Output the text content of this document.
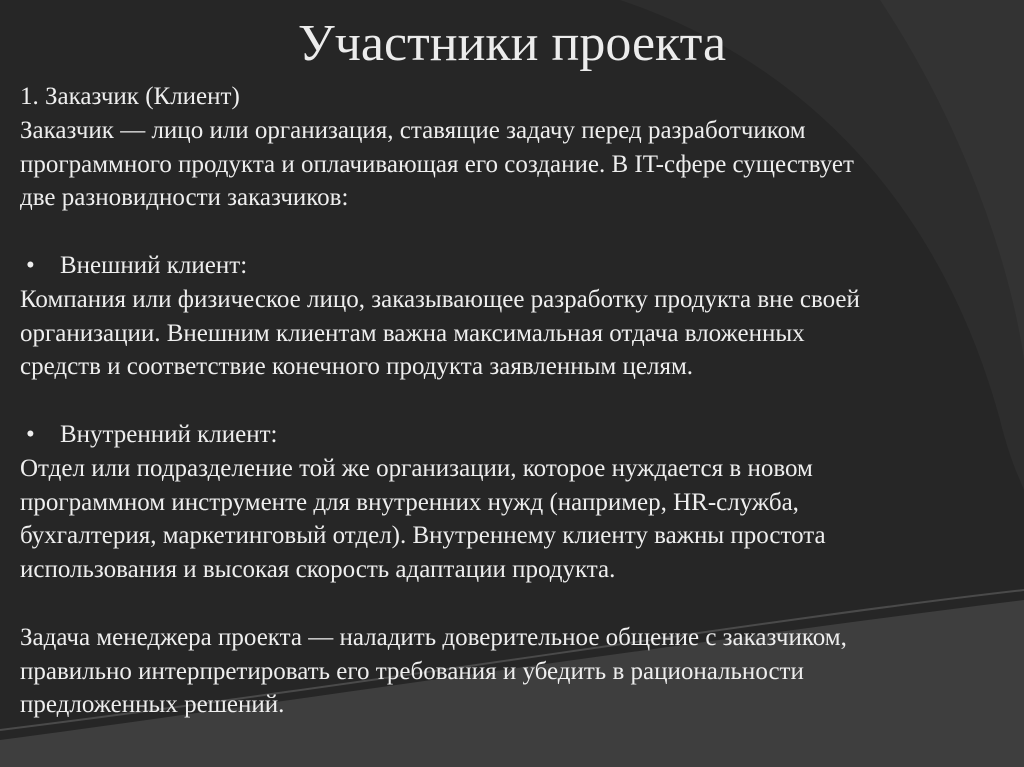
Участники проекта

1. Заказчик (Клиент)

Заказчик — лицо или организация, ставящие задачу перед разработчиком

программного продукта и оплачивающая его создание. В IT-сфере существует

две разновидности заказчиков:

•	Внешний клиент:

Компания или физическое лицо, заказывающее разработку продукта вне своей

организации. Внешним клиентам важна максимальная отдача вложенных

средств и соответствие конечного продукта заявленным целям.

•	Внутренний клиент:

Отдел или подразделение той же организации, которое нуждается в новом

программном инструменте для внутренних нужд (например, HR-служба,

бухгалтерия, маркетинговый отдел). Внутреннему клиенту важны простота

использования и высокая скорость адаптации продукта.

Задача менеджера проекта — наладить доверительное общение с заказчиком,

правильно интерпретировать его требования и убедить в рациональности

предложенных решений.
